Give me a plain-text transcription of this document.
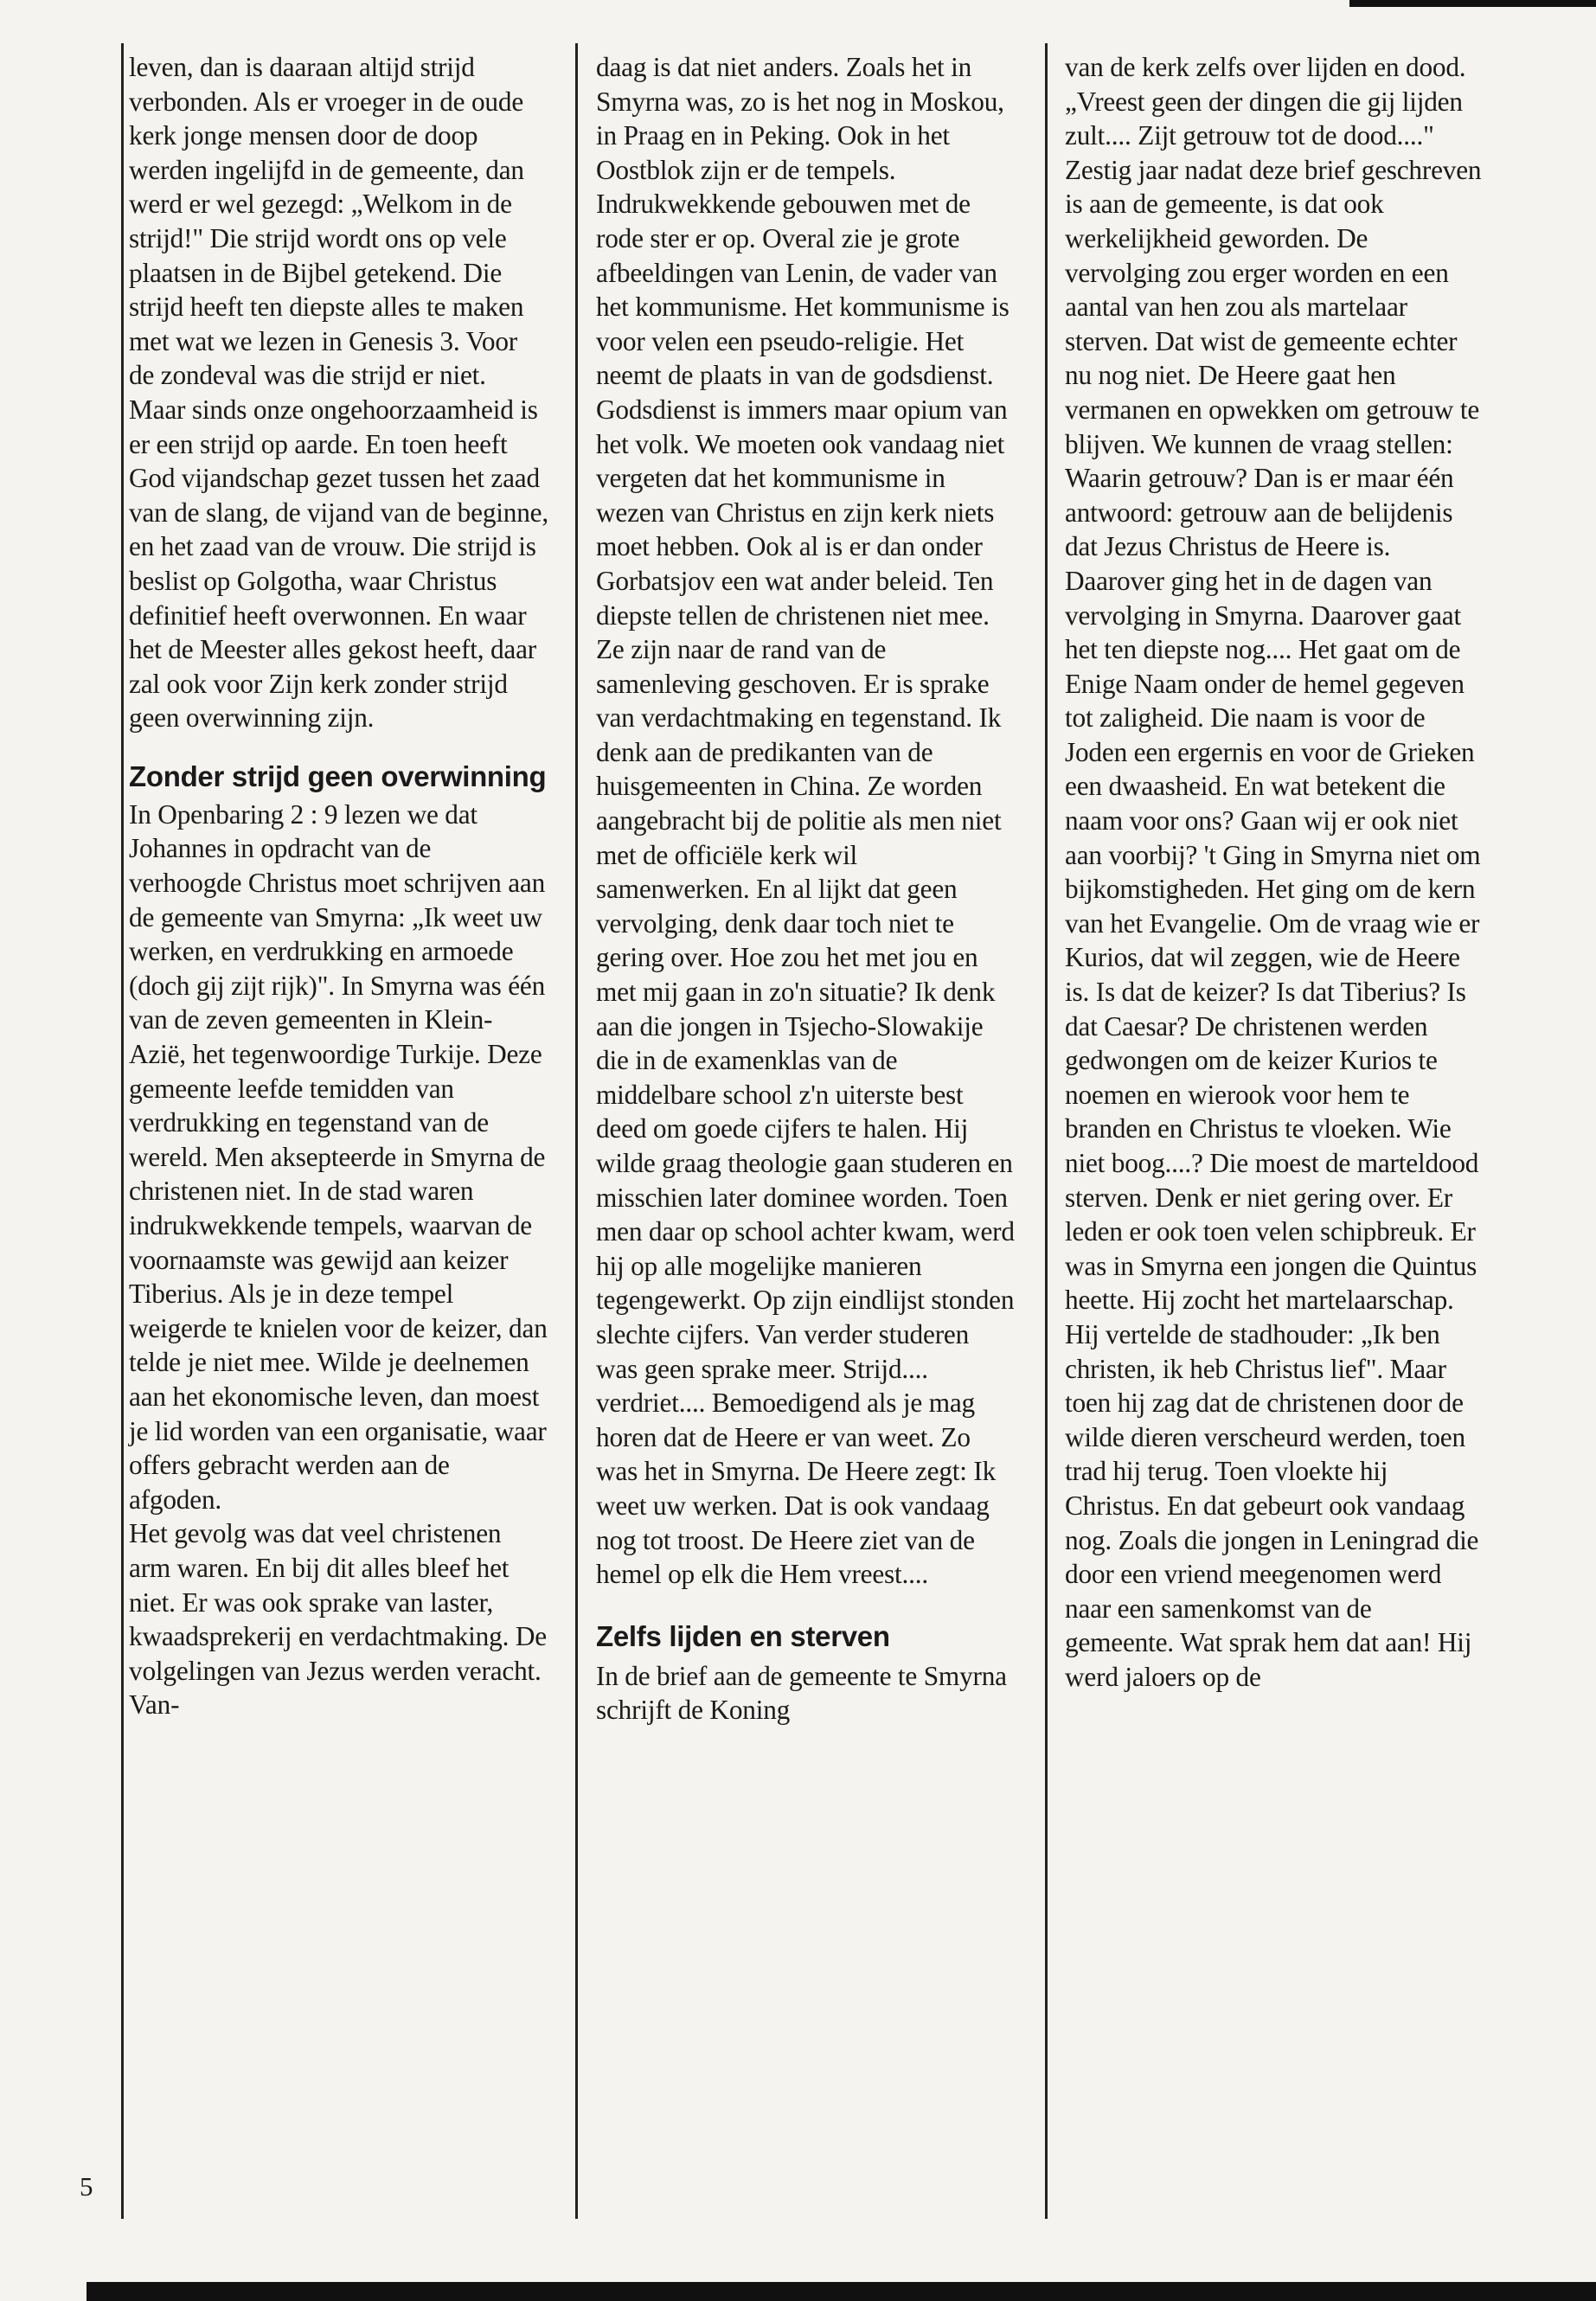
leven, dan is daaraan altijd strijd verbonden. Als er vroeger in de oude kerk jonge mensen door de doop werden ingelijfd in de gemeente, dan werd er wel gezegd: „Welkom in de strijd!" Die strijd wordt ons op vele plaatsen in de Bijbel getekend. Die strijd heeft ten diepste alles te maken met wat we lezen in Genesis 3. Voor de zondeval was die strijd er niet. Maar sinds onze ongehoorzaamheid is er een strijd op aarde. En toen heeft God vijandschap gezet tussen het zaad van de slang, de vijand van de beginne, en het zaad van de vrouw. Die strijd is beslist op Golgotha, waar Christus definitief heeft overwonnen. En waar het de Meester alles gekost heeft, daar zal ook voor Zijn kerk zonder strijd geen overwinning zijn.

Zonder strijd geen overwinning

In Openbaring 2 : 9 lezen we dat Johannes in opdracht van de verhoogde Christus moet schrijven aan de gemeente van Smyrna: „Ik weet uw werken, en verdrukking en armoede (doch gij zijt rijk)". In Smyrna was één van de zeven gemeenten in Klein-Azië, het tegenwoordige Turkije. Deze gemeente leefde temidden van verdrukking en tegenstand van de wereld. Men aksepteerde in Smyrna de christenen niet. In de stad waren indrukwekkende tempels, waarvan de voornaamste was gewijd aan keizer Tiberius. Als je in deze tempel weigerde te knielen voor de keizer, dan telde je niet mee. Wilde je deelnemen aan het ekonomische leven, dan moest je lid worden van een organisatie, waar offers gebracht werden aan de afgoden.

Het gevolg was dat veel christenen arm waren. En bij dit alles bleef het niet. Er was ook sprake van laster, kwaadsprekerij en verdachtmaking. De volgelingen van Jezus werden veracht. Van-

daag is dat niet anders. Zoals het in Smyrna was, zo is het nog in Moskou, in Praag en in Peking. Ook in het Oostblok zijn er de tempels. Indrukwekkende gebouwen met de rode ster er op. Overal zie je grote afbeeldingen van Lenin, de vader van het kommunisme. Het kommunisme is voor velen een pseudo-religie. Het neemt de plaats in van de godsdienst. Godsdienst is immers maar opium van het volk. We moeten ook vandaag niet vergeten dat het kommunisme in wezen van Christus en zijn kerk niets moet hebben. Ook al is er dan onder Gorbatsjov een wat ander beleid. Ten diepste tellen de christenen niet mee. Ze zijn naar de rand van de samenleving geschoven. Er is sprake van verdachtmaking en tegenstand. Ik denk aan de predikanten van de huisgemeenten in China. Ze worden aangebracht bij de politie als men niet met de officiële kerk wil samenwerken. En al lijkt dat geen vervolging, denk daar toch niet te gering over. Hoe zou het met jou en met mij gaan in zo'n situatie? Ik denk aan die jongen in Tsjecho-Slowakije die in de examenklas van de middelbare school z'n uiterste best deed om goede cijfers te halen. Hij wilde graag theologie gaan studeren en misschien later dominee worden. Toen men daar op school achter kwam, werd hij op alle mogelijke manieren tegengewerkt. Op zijn eindlijst stonden slechte cijfers. Van verder studeren was geen sprake meer. Strijd.... verdriet.... Bemoedigend als je mag horen dat de Heere er van weet. Zo was het in Smyrna. De Heere zegt: Ik weet uw werken. Dat is ook vandaag nog tot troost. De Heere ziet van de hemel op elk die Hem vreest....

Zelfs lijden en sterven

In de brief aan de gemeente te Smyrna schrijft de Koning

van de kerk zelfs over lijden en dood. „Vreest geen der dingen die gij lijden zult.... Zijt getrouw tot de dood...." Zestig jaar nadat deze brief geschreven is aan de gemeente, is dat ook werkelijkheid geworden. De vervolging zou erger worden en een aantal van hen zou als martelaar sterven. Dat wist de gemeente echter nu nog niet. De Heere gaat hen vermanen en opwekken om getrouw te blijven. We kunnen de vraag stellen: Waarin getrouw? Dan is er maar één antwoord: getrouw aan de belijdenis dat Jezus Christus de Heere is. Daarover ging het in de dagen van vervolging in Smyrna. Daarover gaat het ten diepste nog.... Het gaat om de Enige Naam onder de hemel gegeven tot zaligheid. Die naam is voor de Joden een ergernis en voor de Grieken een dwaasheid. En wat betekent die naam voor ons? Gaan wij er ook niet aan voorbij? 't Ging in Smyrna niet om bijkomstigheden. Het ging om de kern van het Evangelie. Om de vraag wie er Kurios, dat wil zeggen, wie de Heere is. Is dat de keizer? Is dat Tiberius? Is dat Caesar? De christenen werden gedwongen om de keizer Kurios te noemen en wierook voor hem te branden en Christus te vloeken. Wie niet boog....? Die moest de marteldood sterven. Denk er niet gering over. Er leden er ook toen velen schipbreuk. Er was in Smyrna een jongen die Quintus heette. Hij zocht het martelaarschap. Hij vertelde de stadhouder: „Ik ben christen, ik heb Christus lief". Maar toen hij zag dat de christenen door de wilde dieren verscheurd werden, toen trad hij terug. Toen vloekte hij Christus. En dat gebeurt ook vandaag nog. Zoals die jongen in Leningrad die door een vriend meegenomen werd naar een samenkomst van de gemeente. Wat sprak hem dat aan! Hij werd jaloers op de

5
